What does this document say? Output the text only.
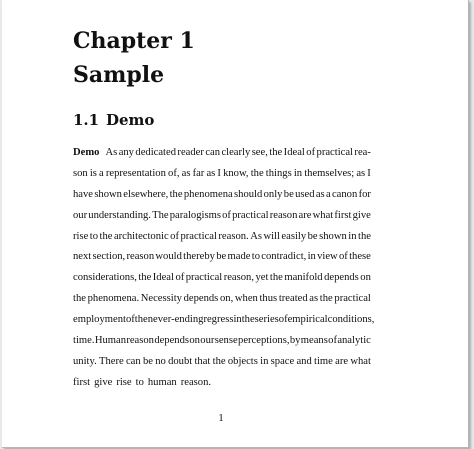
Chapter 1
Sample
1.1 Demo
Demo As any dedicated reader can clearly see, the Ideal of practical rea-
son is a representation of, as far as I know, the things in themselves; as I
have shown elsewhere, the phenomena should only be used as a canon for
our understanding. The paralogisms of practical reason are what first give
rise to the architectonic of practical reason. As will easily be shown in the
next section, reason would thereby be made to contradict, in view of these
considerations, the Ideal of practical reason, yet the manifold depends on
the phenomena. Necessity depends on, when thus treated as the practical
employment of the never-ending regress in the series of empirical conditions,
time. Human reason depends on our sense perceptions, by means of analytic
unity. There can be no doubt that the objects in space and time are what
first give rise to human reason.
1
